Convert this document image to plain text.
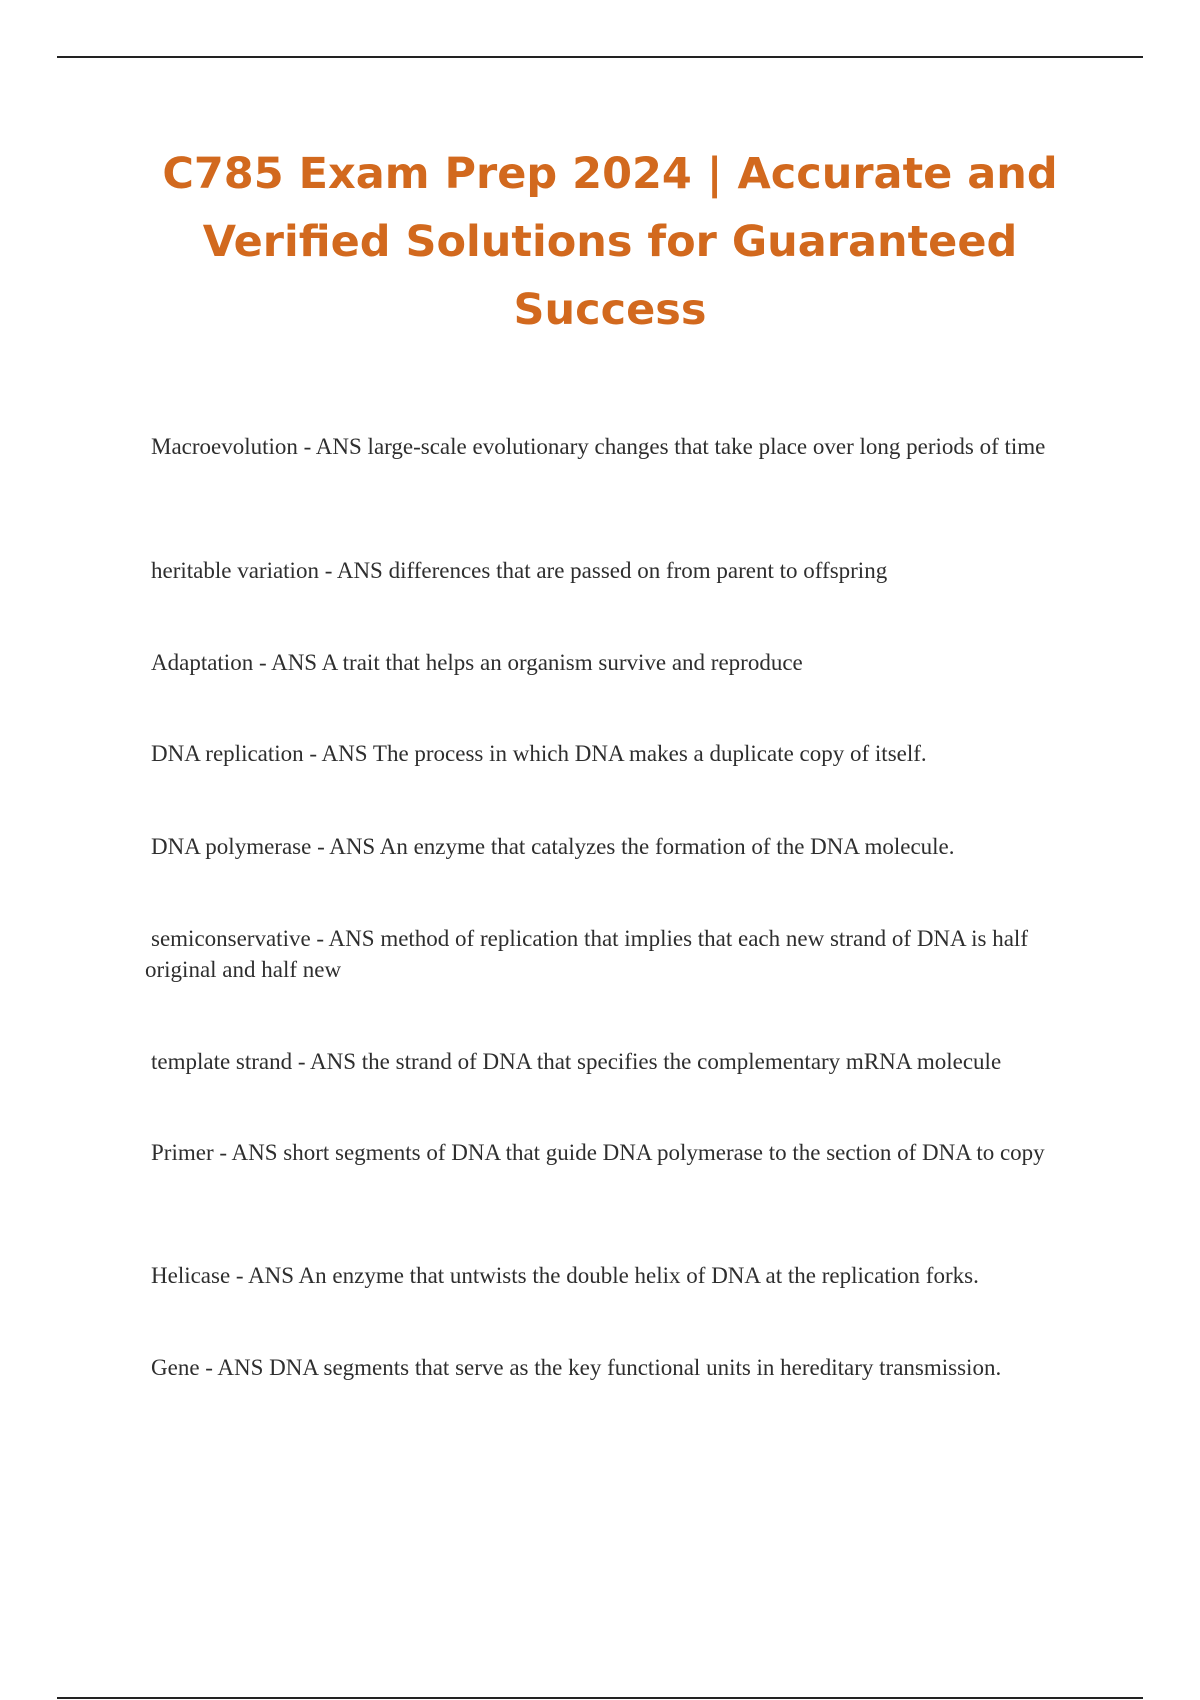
C785 Exam Prep 2024 | Accurate and Verified Solutions for Guaranteed Success

Macroevolution - ANS large-scale evolutionary changes that take place over long periods of time

heritable variation - ANS differences that are passed on from parent to offspring

Adaptation - ANS A trait that helps an organism survive and reproduce

DNA replication - ANS The process in which DNA makes a duplicate copy of itself.

DNA polymerase - ANS An enzyme that catalyzes the formation of the DNA molecule.

semiconservative - ANS method of replication that implies that each new strand of DNA is half original and half new

template strand - ANS the strand of DNA that specifies the complementary mRNA molecule

Primer - ANS short segments of DNA that guide DNA polymerase to the section of DNA to copy

Helicase - ANS An enzyme that untwists the double helix of DNA at the replication forks.

Gene - ANS DNA segments that serve as the key functional units in hereditary transmission.
